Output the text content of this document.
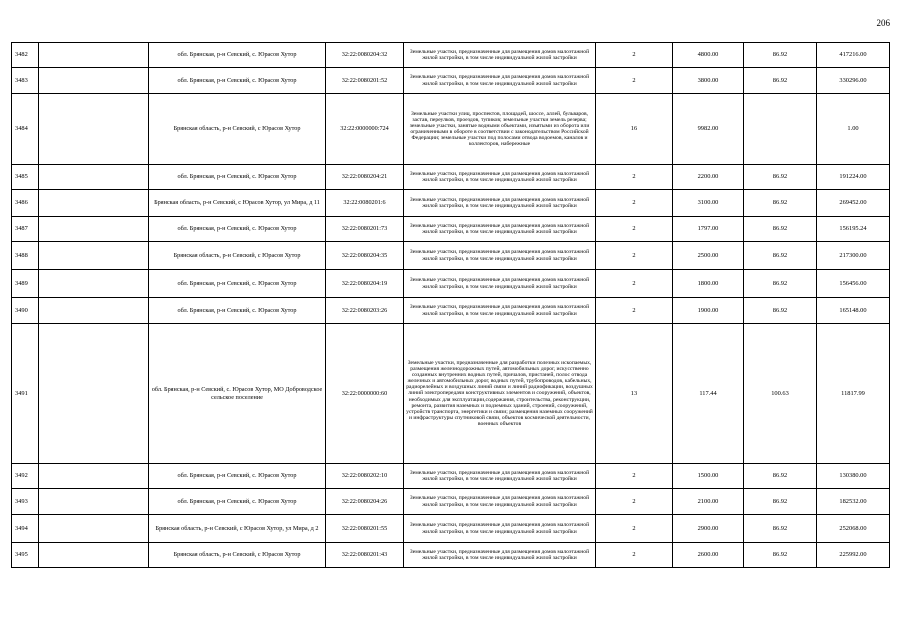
206
3482		обл. Брянская, р-н Севский, с. Юрасов Хутор	32:22:0080204:32	Земельные участки, предназначенные для размещения домов малоэтажной жилой застройки, в том числе индивидуальной жилой застройки	2	4800.00	86.92	417216.00
3483		обл. Брянская, р-н Севский, с. Юрасов Хутор	32:22:0080201:52	Земельные участки, предназначенные для размещения домов малоэтажной жилой застройки, в том числе индивидуальной жилой застройки	2	3800.00	86.92	330296.00
3484		Брянская область, р-н Севский, с Юрасов Хутор	32:22:0000000:724	Земельные участки улиц, проспектов, площадей, шоссе, аллей, бульваров, застав, переулков, проездов, тупиков; земельные участки земель резерва; земельные участки, занятые водными объектами, изъятыми из оборота или ограниченными в обороте в соответствии с законодательством Российской Федерации; земельные участки под полосами отвода водоемов, каналов и коллекторов, набережные	16	9982.00		1.00
3485		обл. Брянская, р-н Севский, с. Юрасов Хутор	32:22:0080204:21	Земельные участки, предназначенные для размещения домов малоэтажной жилой застройки, в том числе индивидуальной жилой застройки	2	2200.00	86.92	191224.00
3486		Брянская область, р-н Севский, с Юрасов Хутор, ул Мира, д 11	32:22:0080201:6	Земельные участки, предназначенные для размещения домов малоэтажной жилой застройки, в том числе индивидуальной жилой застройки	2	3100.00	86.92	269452.00
3487		обл. Брянская, р-н Севский, с. Юрасов Хутор	32:22:0080201:73	Земельные участки, предназначенные для размещения домов малоэтажной жилой застройки, в том числе индивидуальной жилой застройки	2	1797.00	86.92	156195.24
3488		Брянская область, р-н Севский, с Юрасов Хутор	32:22:0080204:35	Земельные участки, предназначенные для размещения домов малоэтажной жилой застройки, в том числе индивидуальной жилой застройки	2	2500.00	86.92	217300.00
3489		обл. Брянская, р-н Севский, с. Юрасов Хутор	32:22:0080204:19	Земельные участки, предназначенные для размещения домов малоэтажной жилой застройки, в том числе индивидуальной жилой застройки	2	1800.00	86.92	156456.00
3490		обл. Брянская, р-н Севский, с. Юрасов Хутор	32:22:0080203:26	Земельные участки, предназначенные для размещения домов малоэтажной жилой застройки, в том числе индивидуальной жилой застройки	2	1900.00	86.92	165148.00
3491		обл. Брянская, р-н Севский, с. Юрасов Хутор, МО Доброводское сельское поселение	32:22:0000000:60	Земельные участки, предназначенные для разработки полезных ископаемых, размещения железнодорожных путей, автомобильных дорог, искусственно созданных внутренних водных путей, причалов, пристаней, полос отвода железных и автомобильных дорог, водных путей, трубопроводов, кабельных, радиорелейных и воздушных линий связи и линий радиофикации, воздушных линий электропередачи конструктивных элементов и сооружений, объектов, необходимых для эксплуатации,содержания, строительства, реконструкции, ремонта, развития наземных и подземных зданий, строений, сооружений, устройств транспорта, энергетики и связи; размещения наземных сооружений и инфраструктуры спутниковой связи, объектов космической деятельности, военных объектов	13	117.44	100.63	11817.99
3492		обл. Брянская, р-н Севский, с. Юрасов Хутор	32:22:0080202:10	Земельные участки, предназначенные для размещения домов малоэтажной жилой застройки, в том числе индивидуальной жилой застройки	2	1500.00	86.92	130380.00
3493		обл. Брянская, р-н Севский, с. Юрасов Хутор	32:22:0080204:26	Земельные участки, предназначенные для размещения домов малоэтажной жилой застройки, в том числе индивидуальной жилой застройки	2	2100.00	86.92	182532.00
3494		Брянская область, р-н Севский, с Юрасов Хутор, ул Мира, д 2	32:22:0080201:55	Земельные участки, предназначенные для размещения домов малоэтажной жилой застройки, в том числе индивидуальной жилой застройки	2	2900.00	86.92	252068.00
3495		Брянская область, р-н Севский, с Юрасов Хутор	32:22:0080201:43	Земельные участки, предназначенные для размещения домов малоэтажной жилой застройки, в том числе индивидуальной жилой застройки	2	2600.00	86.92	225992.00
